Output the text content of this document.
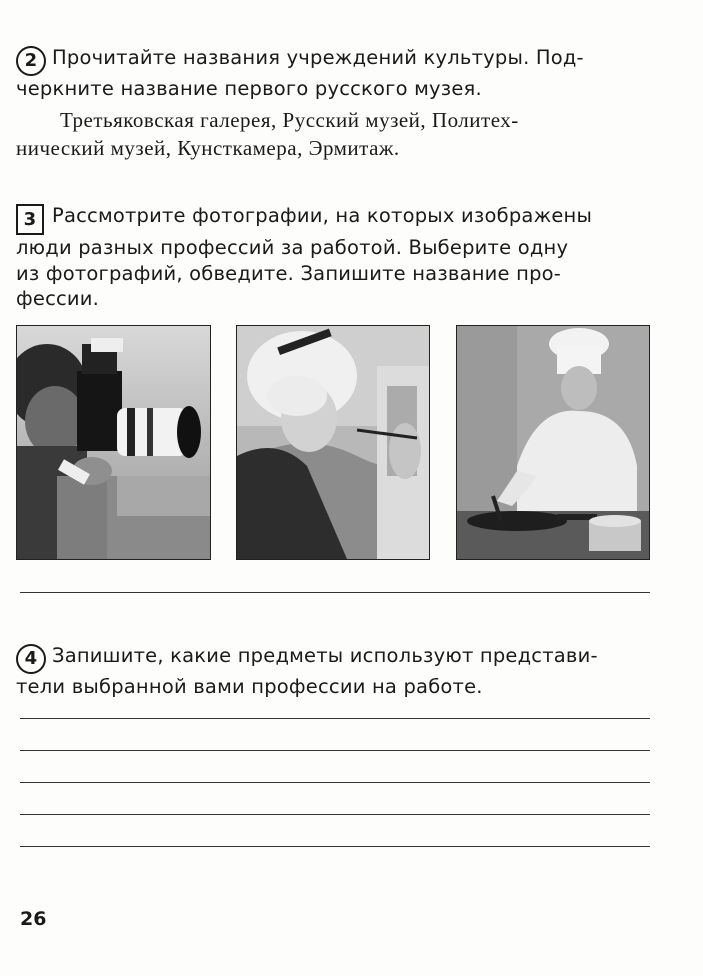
2 Прочитайте названия учреждений культуры. Под-
черкните название первого русского музея.
Третьяковская галерея, Русский музей, Политех-
нический музей, Кунсткамера, Эрмитаж.
3 Рассмотрите фотографии, на которых изображены
люди разных профессий за работой. Выберите одну
из фотографий, обведите. Запишите название про-
фессии.
4 Запишите, какие предметы используют представи-
тели выбранной вами профессии на работе.
26
